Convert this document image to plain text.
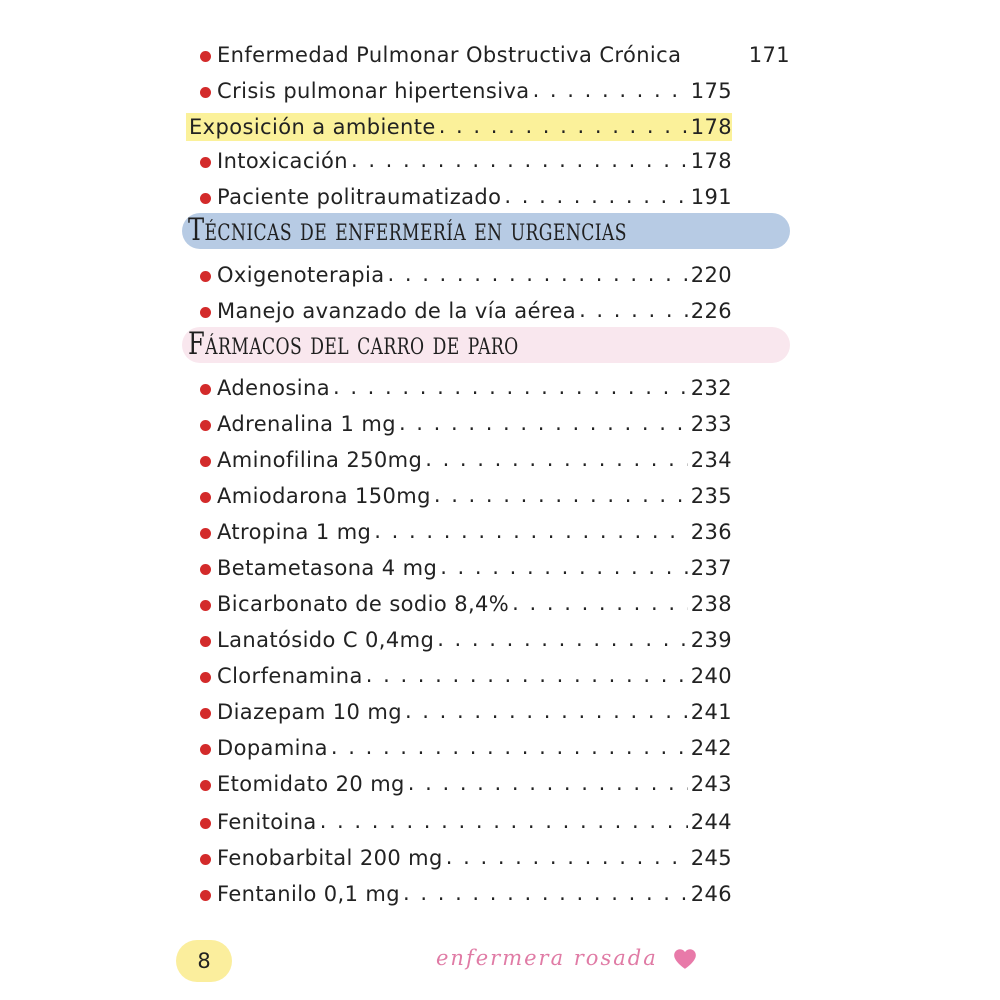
Enfermedad Pulmonar Obstructiva Crónica	171
Crisis pulmonar hipertensiva . . .	175
Exposición a ambiente . . .	178
Intoxicación . . .	178
Paciente politraumatizado . . .	191
Técnicas de enfermería en urgencias
Oxigenoterapia . . .	220
Manejo avanzado de la vía aérea . . .	226
Fármacos del carro de paro
Adenosina . . .	232
Adrenalina 1 mg . . .	233
Aminofilina 250mg . . .	234
Amiodarona 150mg . . .	235
Atropina 1 mg . . .	236
Betametasona 4 mg . . .	237
Bicarbonato de sodio 8,4% . . .	238
Lanatósido C 0,4mg . . .	239
Clorfenamina . . .	240
Diazepam 10 mg . . .	241
Dopamina . . .	242
Etomidato 20 mg . . .	243
Fenitoina . . .	244
Fenobarbital 200 mg . . .	245
Fentanilo 0,1 mg . . .	246
8	enfermera rosada
